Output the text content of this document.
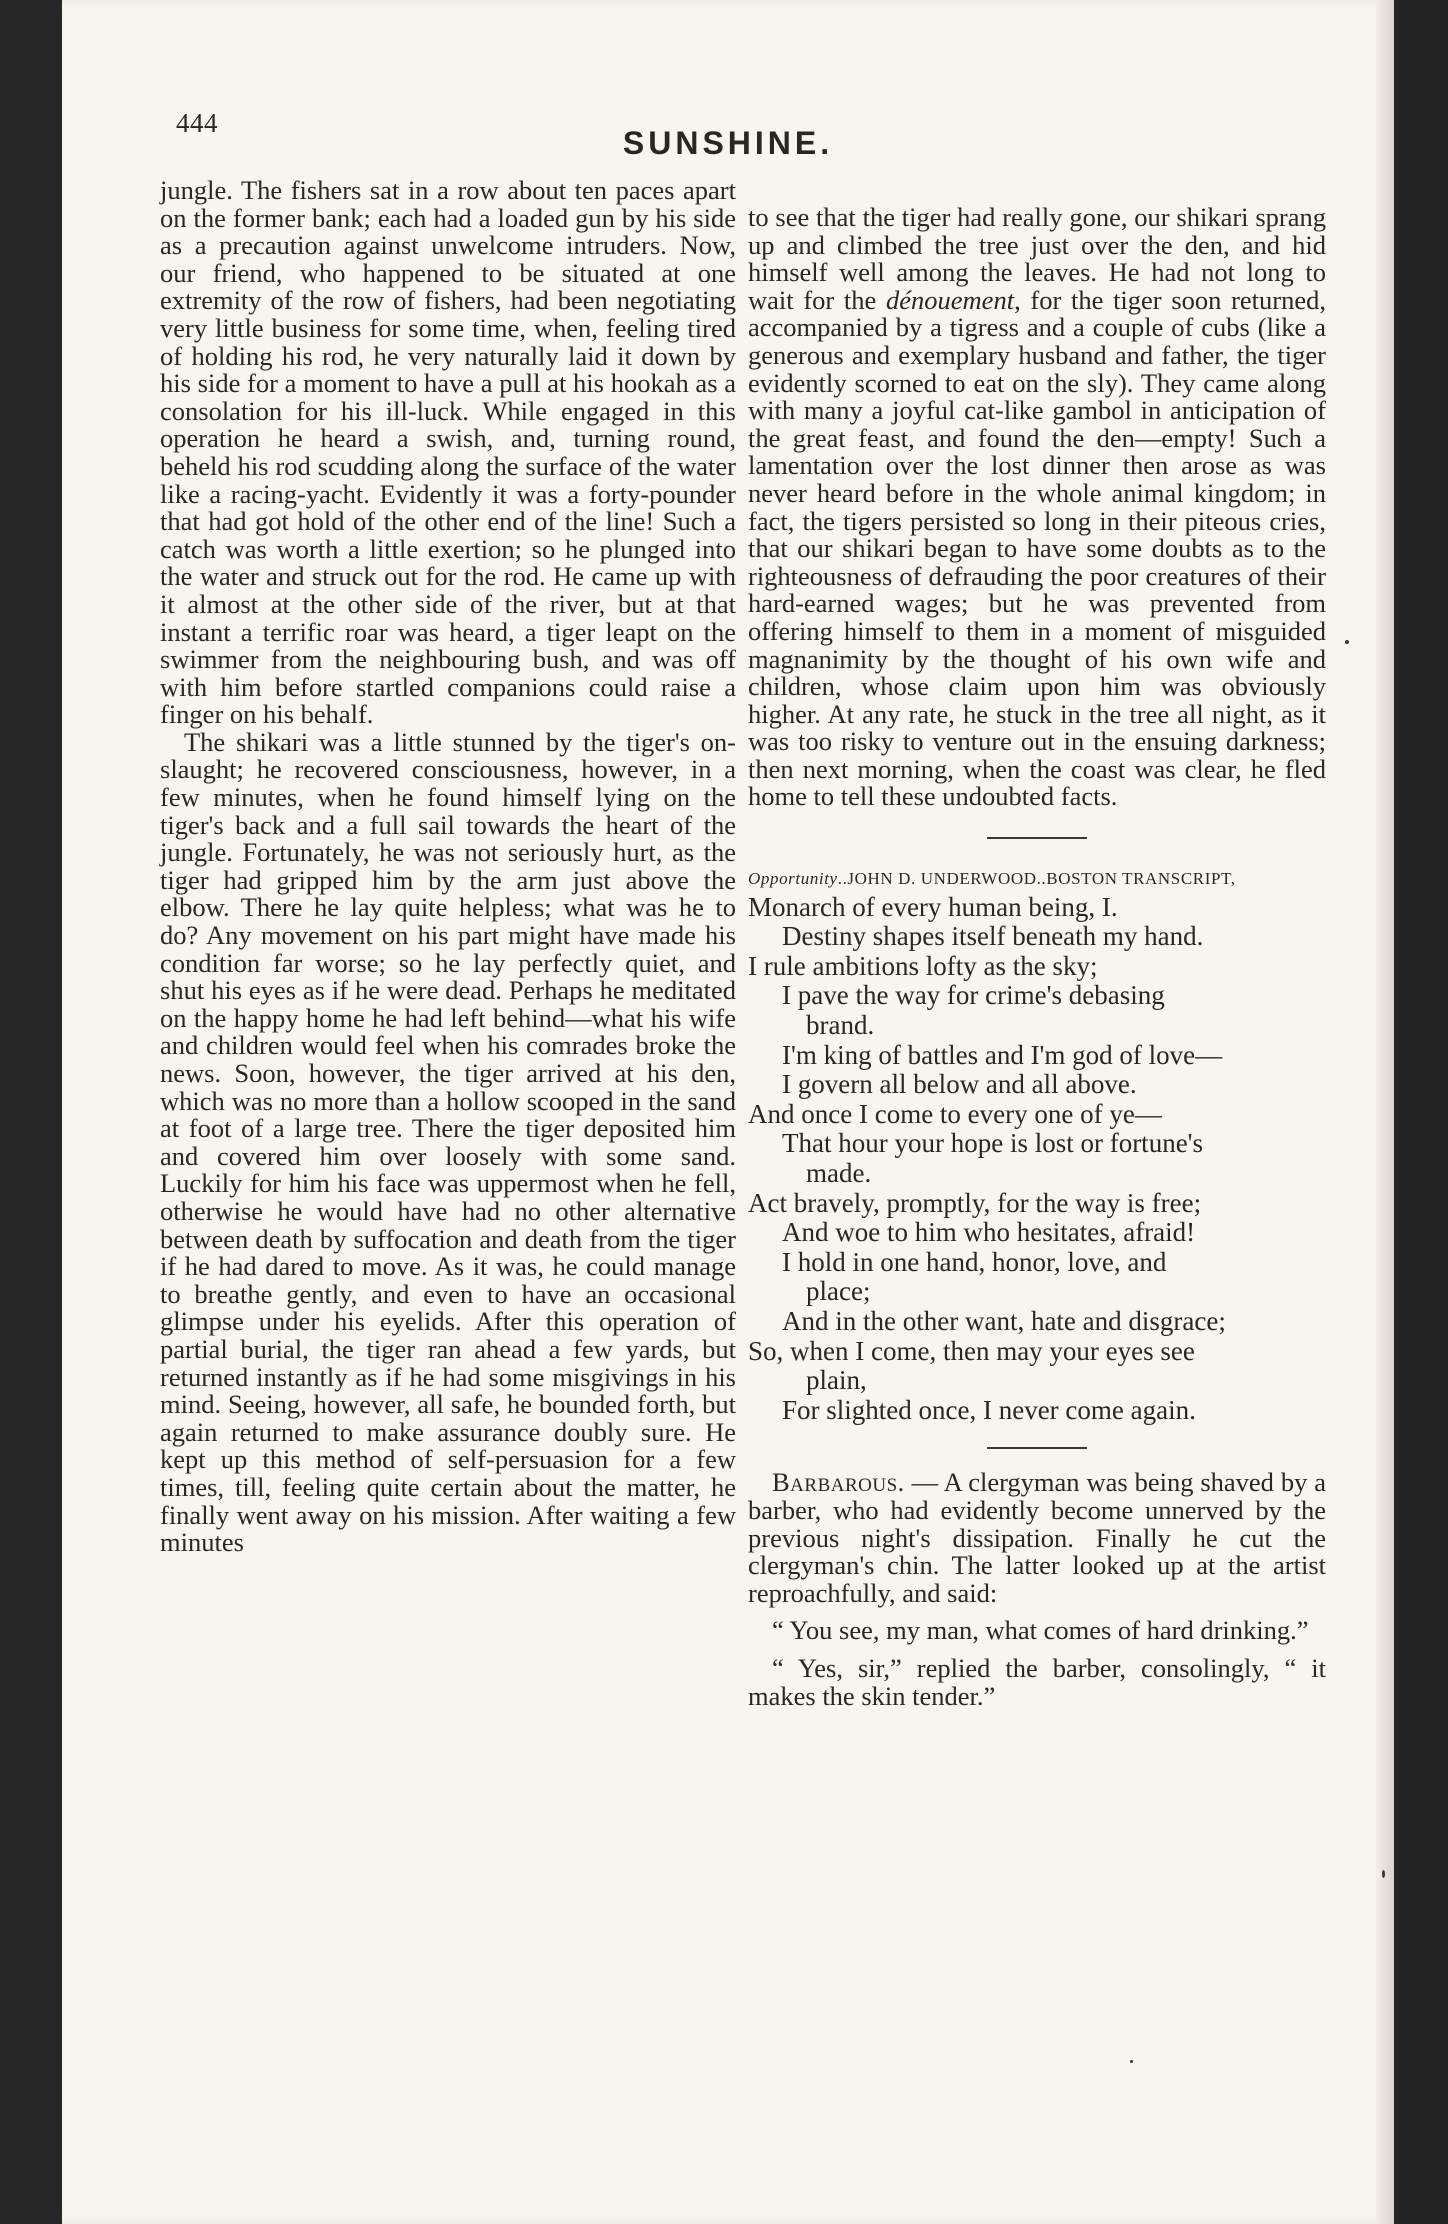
444
SUNSHINE.

jungle. The fishers sat in a row about ten paces apart on the former bank; each had a loaded gun by his side as a precaution against unwelcome intruders. Now, our friend, who happened to be situated at one extremity of the row of fishers, had been negotiating very little business for some time, when, feeling tired of holding his rod, he very naturally laid it down by his side for a moment to have a pull at his hookah as a consolation for his ill-luck. While engaged in this operation he heard a swish, and, turning round, beheld his rod scudding along the surface of the water like a racing-yacht. Evidently it was a forty-pounder that had got hold of the other end of the line! Such a catch was worth a little exertion; so he plunged into the water and struck out for the rod. He came up with it almost at the other side of the river, but at that instant a terrific roar was heard, a tiger leapt on the swimmer from the neighbouring bush, and was off with him before startled companions could raise a finger on his behalf.

The shikari was a little stunned by the tiger's on-slaught; he recovered consciousness, however, in a few minutes, when he found himself lying on the tiger's back and a full sail towards the heart of the jungle. Fortunately, he was not seriously hurt, as the tiger had gripped him by the arm just above the elbow. There he lay quite helpless; what was he to do? Any movement on his part might have made his condition far worse; so he lay perfectly quiet, and shut his eyes as if he were dead. Perhaps he meditated on the happy home he had left behind—what his wife and children would feel when his comrades broke the news. Soon, however, the tiger arrived at his den, which was no more than a hollow scooped in the sand at foot of a large tree. There the tiger deposited him and covered him over loosely with some sand. Luckily for him his face was uppermost when he fell, otherwise he would have had no other alternative between death by suffocation and death from the tiger if he had dared to move. As it was, he could manage to breathe gently, and even to have an occasional glimpse under his eyelids. After this operation of partial burial, the tiger ran ahead a few yards, but returned instantly as if he had some misgivings in his mind. Seeing, however, all safe, he bounded forth, but again returned to make assurance doubly sure. He kept up this method of self-persuasion for a few times, till, feeling quite certain about the matter, he finally went away on his mission. After waiting a few minutes

to see that the tiger had really gone, our shikari sprang up and climbed the tree just over the den, and hid himself well among the leaves. He had not long to wait for the dénouement, for the tiger soon returned, accompanied by a tigress and a couple of cubs (like a generous and exemplary husband and father, the tiger evidently scorned to eat on the sly). They came along with many a joyful cat-like gambol in anticipation of the great feast, and found the den—empty! Such a lamentation over the lost dinner then arose as was never heard before in the whole animal kingdom; in fact, the tigers persisted so long in their piteous cries, that our shikari began to have some doubts as to the righteousness of defrauding the poor creatures of their hard-earned wages; but he was prevented from offering himself to them in a moment of misguided magnanimity by the thought of his own wife and children, whose claim upon him was obviously higher. At any rate, he stuck in the tree all night, as it was too risky to venture out in the ensuing darkness; then next morning, when the coast was clear, he fled home to tell these undoubted facts.

Opportunity..JOHN D. UNDERWOOD..BOSTON TRANSCRIPT,

Monarch of every human being, I.
Destiny shapes itself beneath my hand.
I rule ambitions lofty as the sky;
I pave the way for crime's debasing
brand.
I'm king of battles and I'm god of love—
I govern all below and all above.
And once I come to every one of ye—
That hour your hope is lost or fortune's
made.
Act bravely, promptly, for the way is free;
And woe to him who hesitates, afraid!
I hold in one hand, honor, love, and
place;
And in the other want, hate and disgrace;
So, when I come, then may your eyes see
plain,
For slighted once, I never come again.

Barbarous. — A clergyman was being shaved by a barber, who had evidently become unnerved by the previous night's dissipation. Finally he cut the clergyman's chin. The latter looked up at the artist reproachfully, and said:

“ You see, my man, what comes of hard drinking.”

“ Yes, sir,” replied the barber, consolingly, “ it makes the skin tender.”
